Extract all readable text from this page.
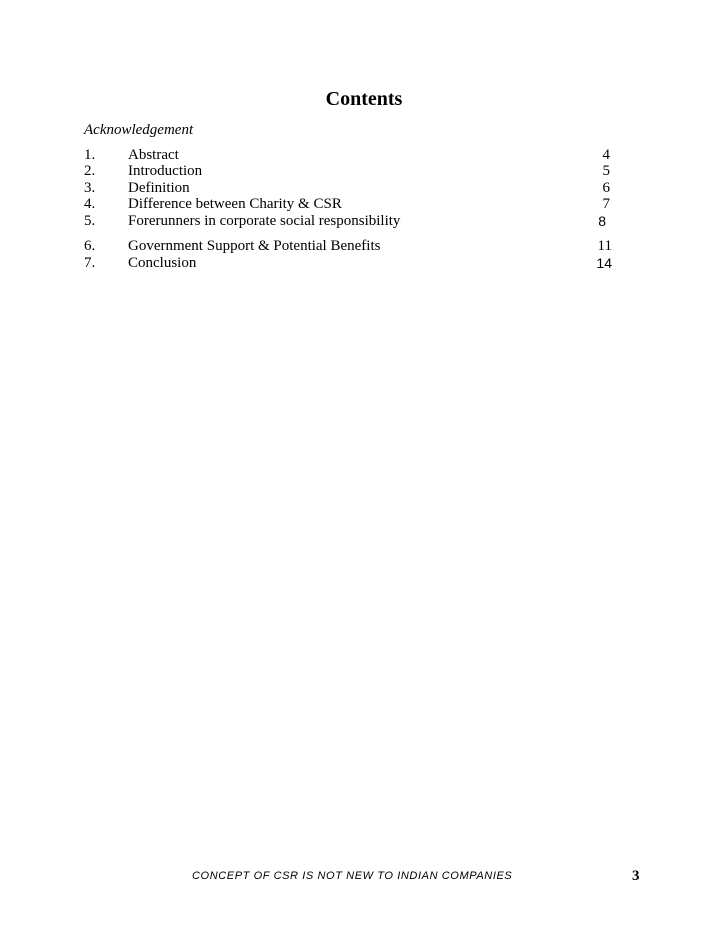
Contents
Acknowledgement
1. Abstract	4
2. Introduction	5
3. Definition	6
4. Difference between Charity & CSR	7
5. Forerunners in corporate social responsibility	8
6. Government Support & Potential Benefits	11
7. Conclusion	14
CONCEPT OF CSR IS NOT NEW TO INDIAN COMPANIES	3
